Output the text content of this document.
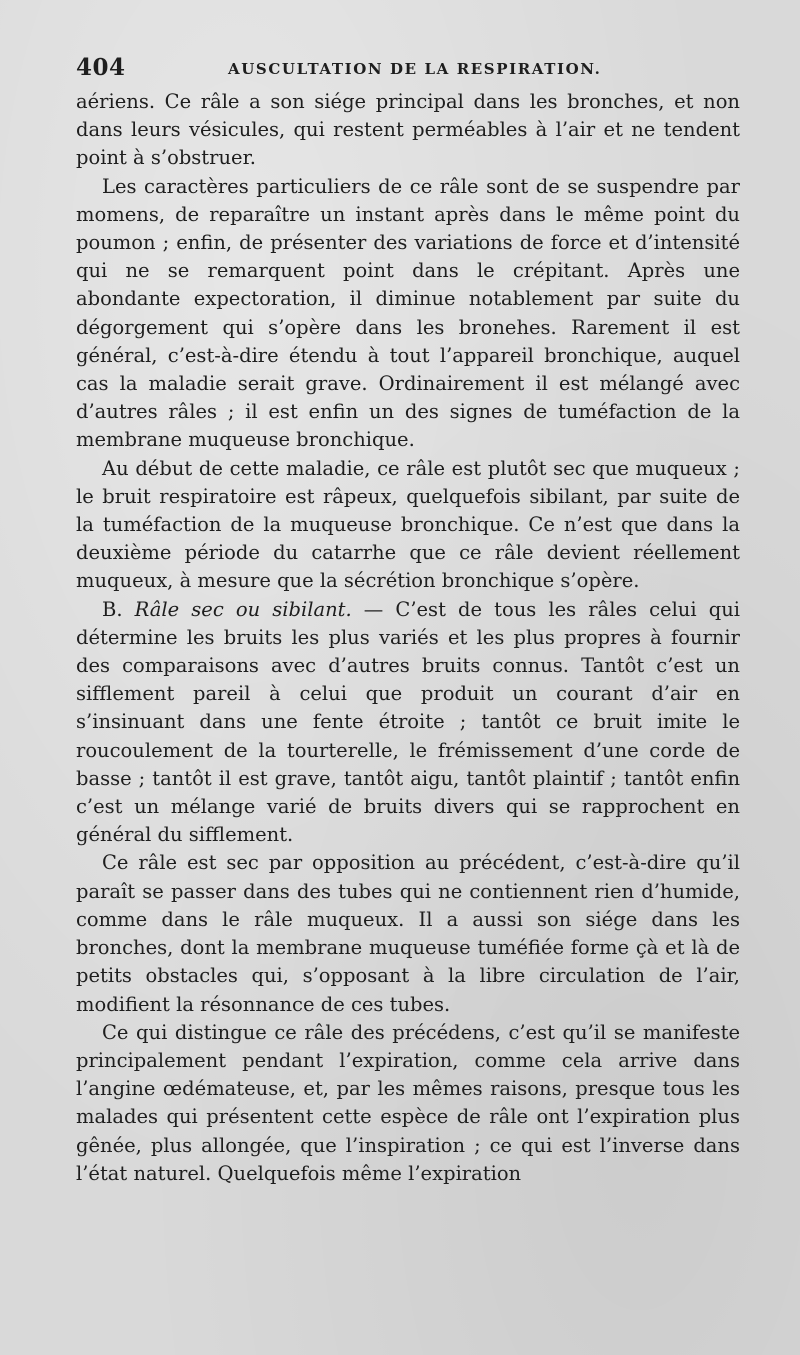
404	AUSCULTATION DE LA RESPIRATION.

aériens. Ce râle a son siége principal dans les bronches, et non dans leurs vésicules, qui restent perméables à l’air et ne tendent point à s’obstruer.

Les caractères particuliers de ce râle sont de se suspendre par momens, de reparaître un instant après dans le même point du poumon ; enfin, de présenter des variations de force et d’intensité qui ne se remarquent point dans le crépitant. Après une abondante expectoration, il diminue notablement par suite du dégorgement qui s’opère dans les bronehes. Rarement il est général, c’est-à-dire étendu à tout l’appareil bronchique, auquel cas la maladie serait grave. Ordinairement il est mélangé avec d’autres râles ; il est enfin un des signes de tuméfaction de la membrane muqueuse bronchique.

Au début de cette maladie, ce râle est plutôt sec que muqueux ; le bruit respiratoire est râpeux, quelquefois sibilant, par suite de la tuméfaction de la muqueuse bronchique. Ce n’est que dans la deuxième période du catarrhe que ce râle devient réellement muqueux, à mesure que la sécrétion bronchique s’opère.

B. Râle sec ou sibilant. — C’est de tous les râles celui qui détermine les bruits les plus variés et les plus propres à fournir des comparaisons avec d’autres bruits connus. Tantôt c’est un sifflement pareil à celui que produit un courant d’air en s’insinuant dans une fente étroite ; tantôt ce bruit imite le roucoulement de la tourterelle, le frémissement d’une corde de basse ; tantôt il est grave, tantôt aigu, tantôt plaintif ; tantôt enfin c’est un mélange varié de bruits divers qui se rapprochent en général du sifflement.

Ce râle est sec par opposition au précédent, c’est-à-dire qu’il paraît se passer dans des tubes qui ne contiennent rien d’humide, comme dans le râle muqueux. Il a aussi son siége dans les bronches, dont la membrane muqueuse tuméfiée forme çà et là de petits obstacles qui, s’opposant à la libre circulation de l’air, modifient la résonnance de ces tubes.

Ce qui distingue ce râle des précédens, c’est qu’il se manifeste principalement pendant l’expiration, comme cela arrive dans l’angine œdémateuse, et, par les mêmes raisons, presque tous les malades qui présentent cette espèce de râle ont l’expiration plus gênée, plus allongée, que l’inspiration ; ce qui est l’inverse dans l’état naturel. Quelquefois même l’expiration
